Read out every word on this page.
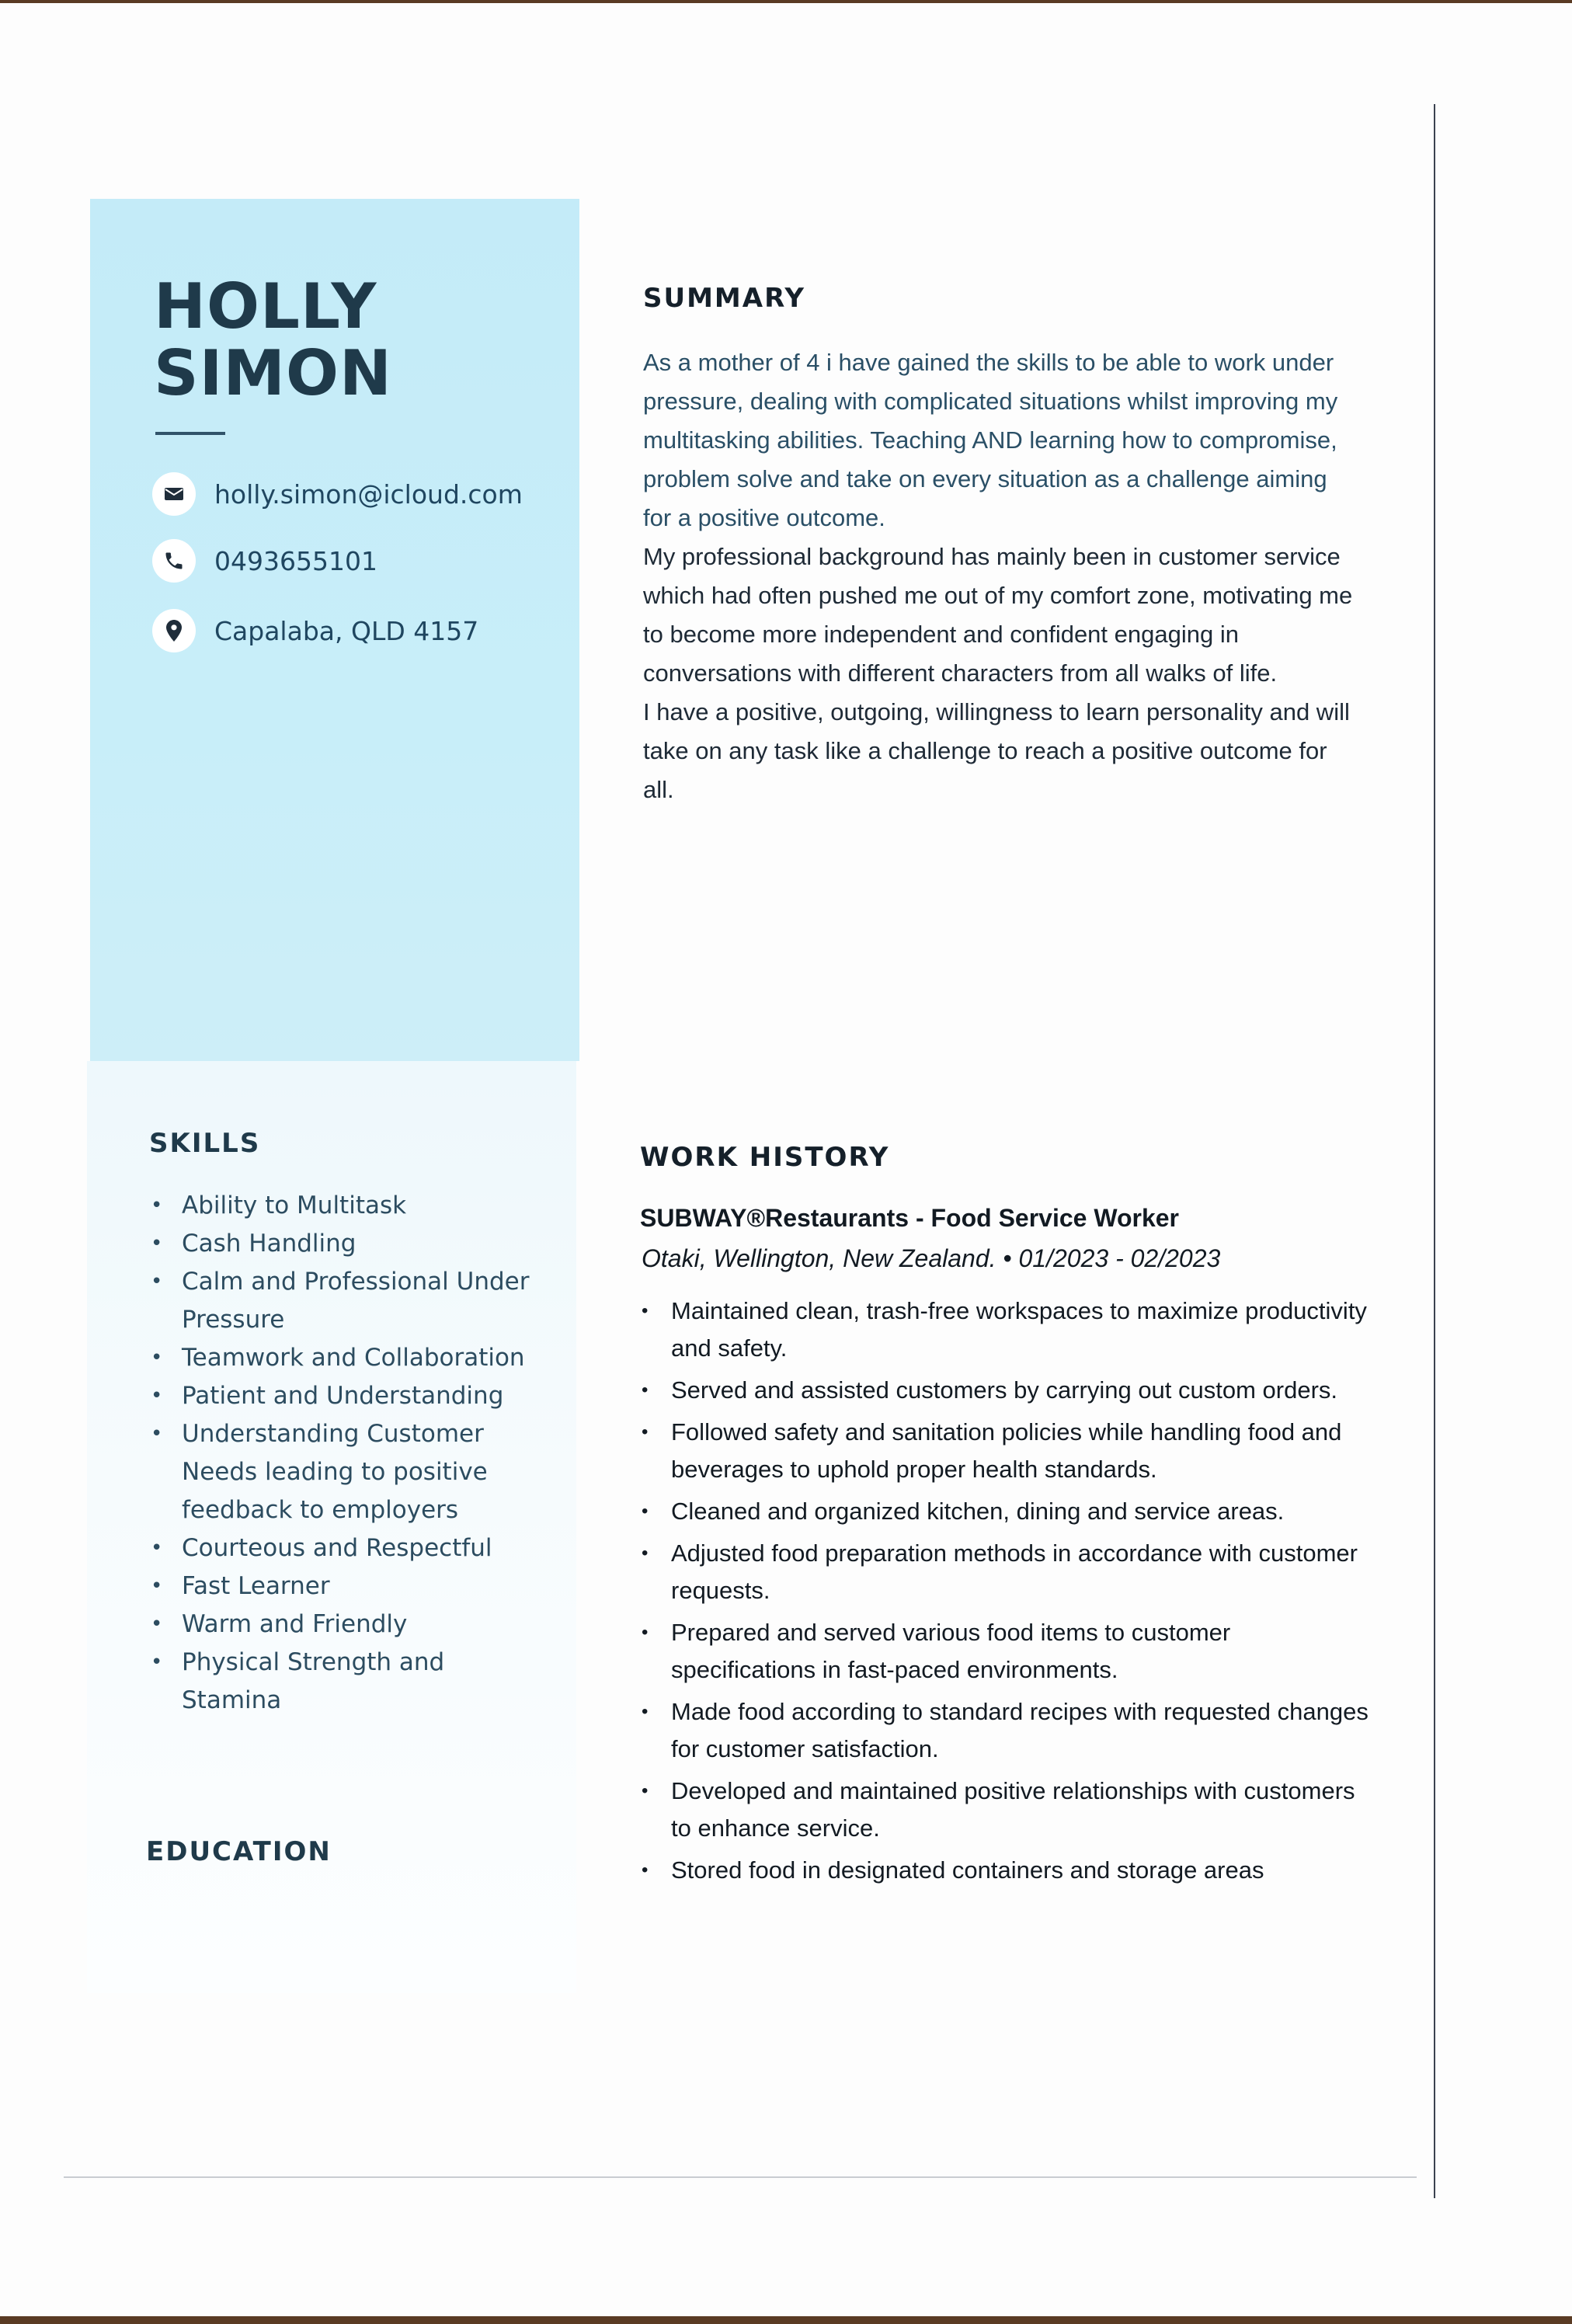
HOLLY
SIMON
holly.simon@icloud.com
0493655101
Capalaba, QLD 4157
SKILLS
• Ability to Multitask
• Cash Handling
• Calm and Professional Under Pressure
• Teamwork and Collaboration
• Patient and Understanding
• Understanding Customer Needs leading to positive feedback to employers
• Courteous and Respectful
• Fast Learner
• Warm and Friendly
• Physical Strength and Stamina
EDUCATION
SUMMARY

As a mother of 4 i have gained the skills to be able to work under pressure, dealing with complicated situations whilst improving my multitasking abilities. Teaching AND learning how to compromise, problem solve and take on every situation as a challenge aiming for a positive outcome.

My professional background has mainly been in customer service which had often pushed me out of my comfort zone, motivating me to become more independent and confident engaging in conversations with different characters from all walks of life.

I have a positive, outgoing, willingness to learn personality and will take on any task like a challenge to reach a positive outcome for all.

WORK HISTORY

SUBWAY®Restaurants - Food Service Worker

Otaki, Wellington, New Zealand. • 01/2023 - 02/2023

• Maintained clean, trash-free workspaces to maximize productivity and safety.
• Served and assisted customers by carrying out custom orders.
• Followed safety and sanitation policies while handling food and beverages to uphold proper health standards.
• Cleaned and organized kitchen, dining and service areas.
• Adjusted food preparation methods in accordance with customer requests.
• Prepared and served various food items to customer specifications in fast-paced environments.
• Made food according to standard recipes with requested changes for customer satisfaction.
• Developed and maintained positive relationships with customers to enhance service.
• Stored food in designated containers and storage areas
